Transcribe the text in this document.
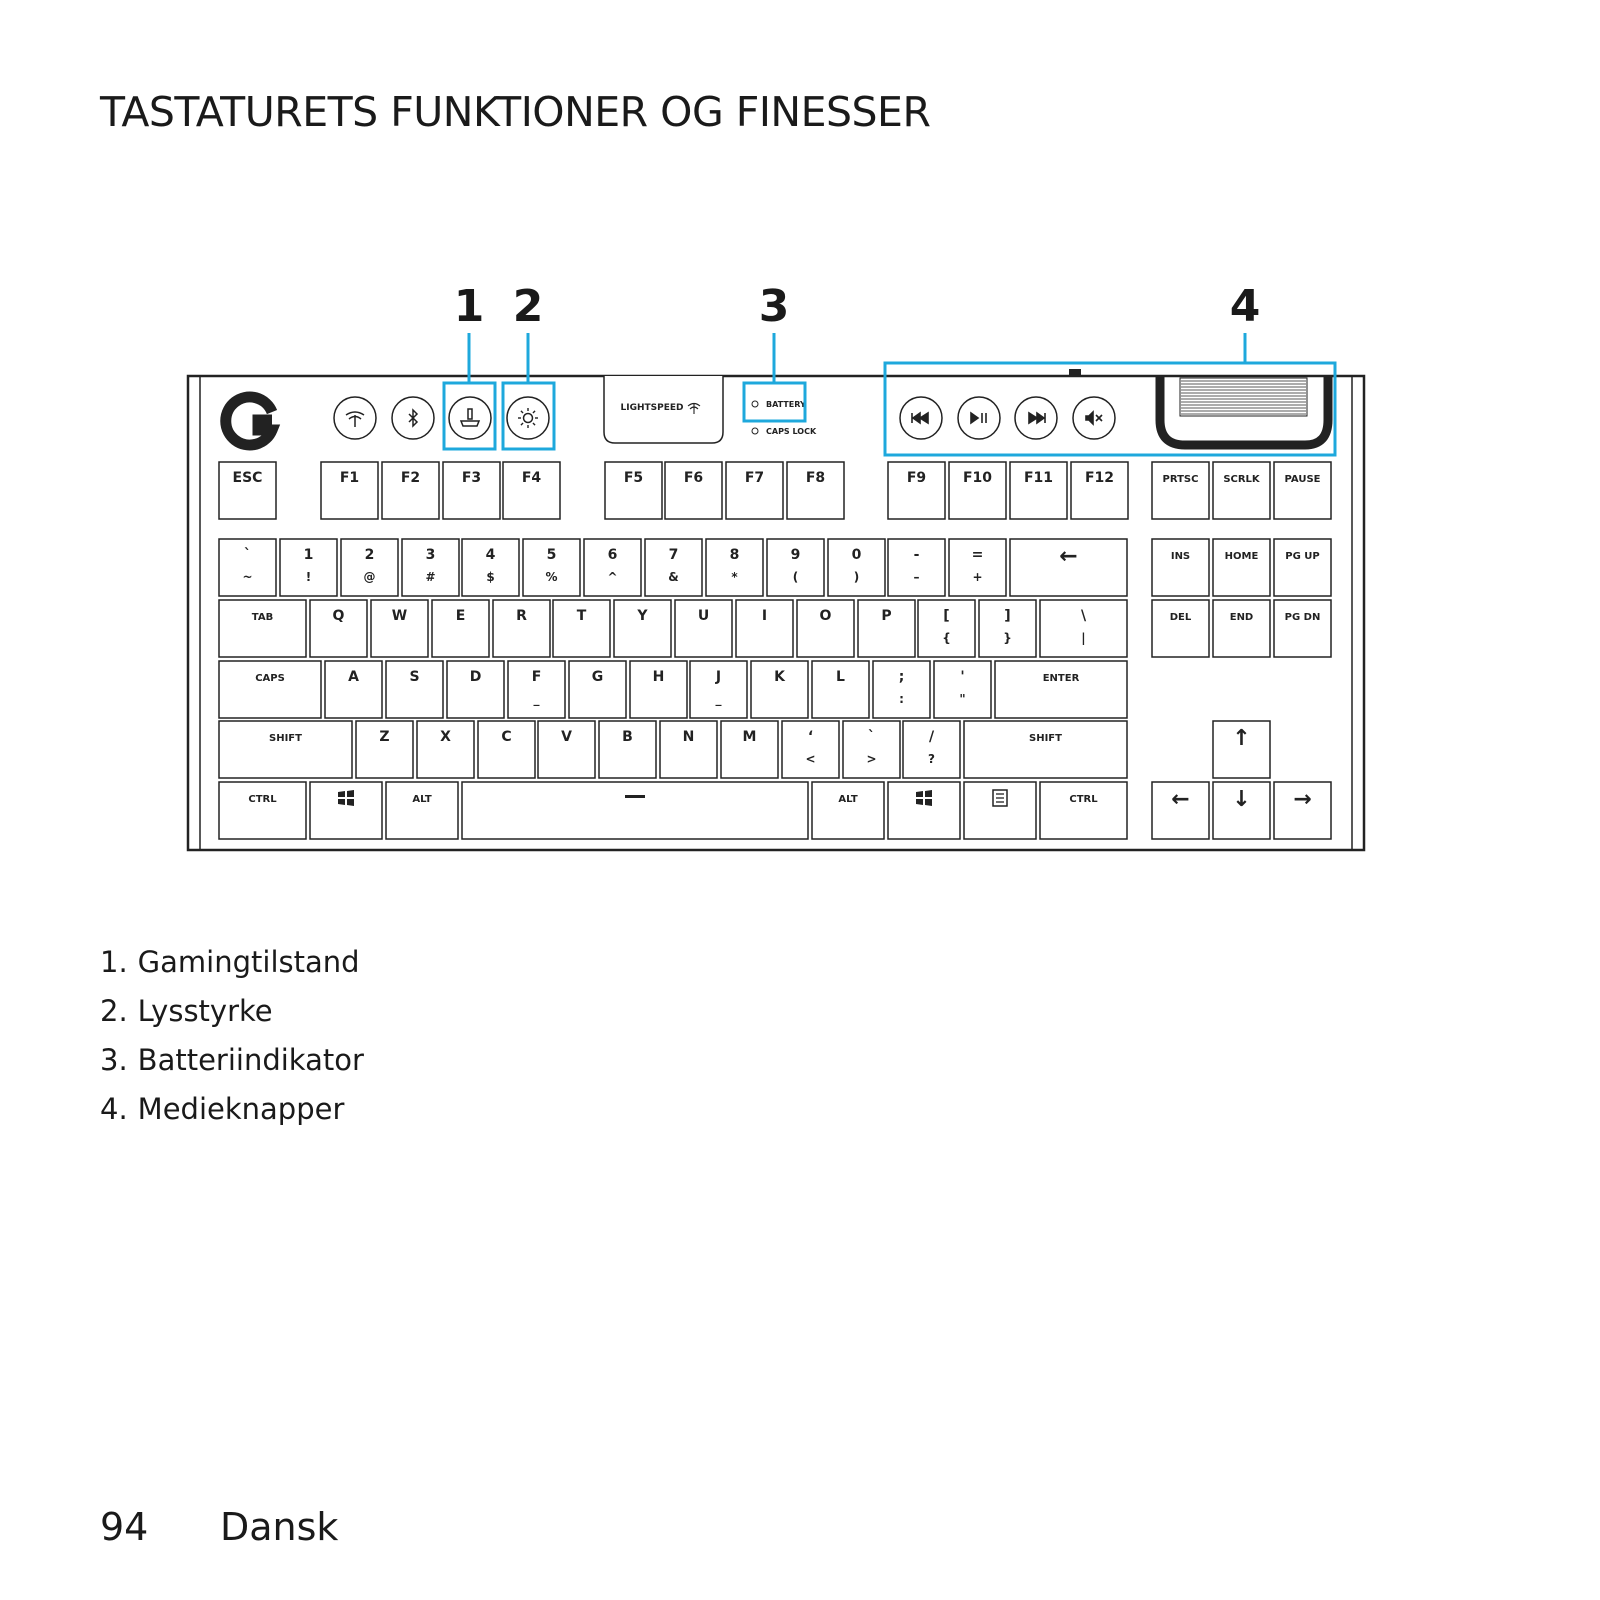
TASTATURETS FUNKTIONER OG FINESSER
LIGHTSPEED	BATTERY
CAPS LOCK
ESC	F1	F2	F3	F4	F5	F6	F7	F8	F9	F10 F11 F12	PRTSC SCRLK PAUSE
`
~
1
!
2
@
3
#
4
$
5
%
6
^
7
&
8
*
9
(
0
)
-
–
=
+
←
TAB	Q	W	E	R	T	Y	U	I	O	P	[
{
]
}
\
|
CAPS	A	S	D	F
_
G	H	J
_
K	L	;
:
'
"
ENTER
SHIFT	Z	X	C	V	B	N	M	‘
<
`
>
/
?
SHIFT
CTRL	ALT	ALT	CTRL
INS	HOME	PG UP
DEL	END	PG DN
↑
← ↓ →
1 2	3	4
1. Gamingtilstand
2. Lysstyrke
3. Batteriindikator
4. Medieknapper
94 Dansk
